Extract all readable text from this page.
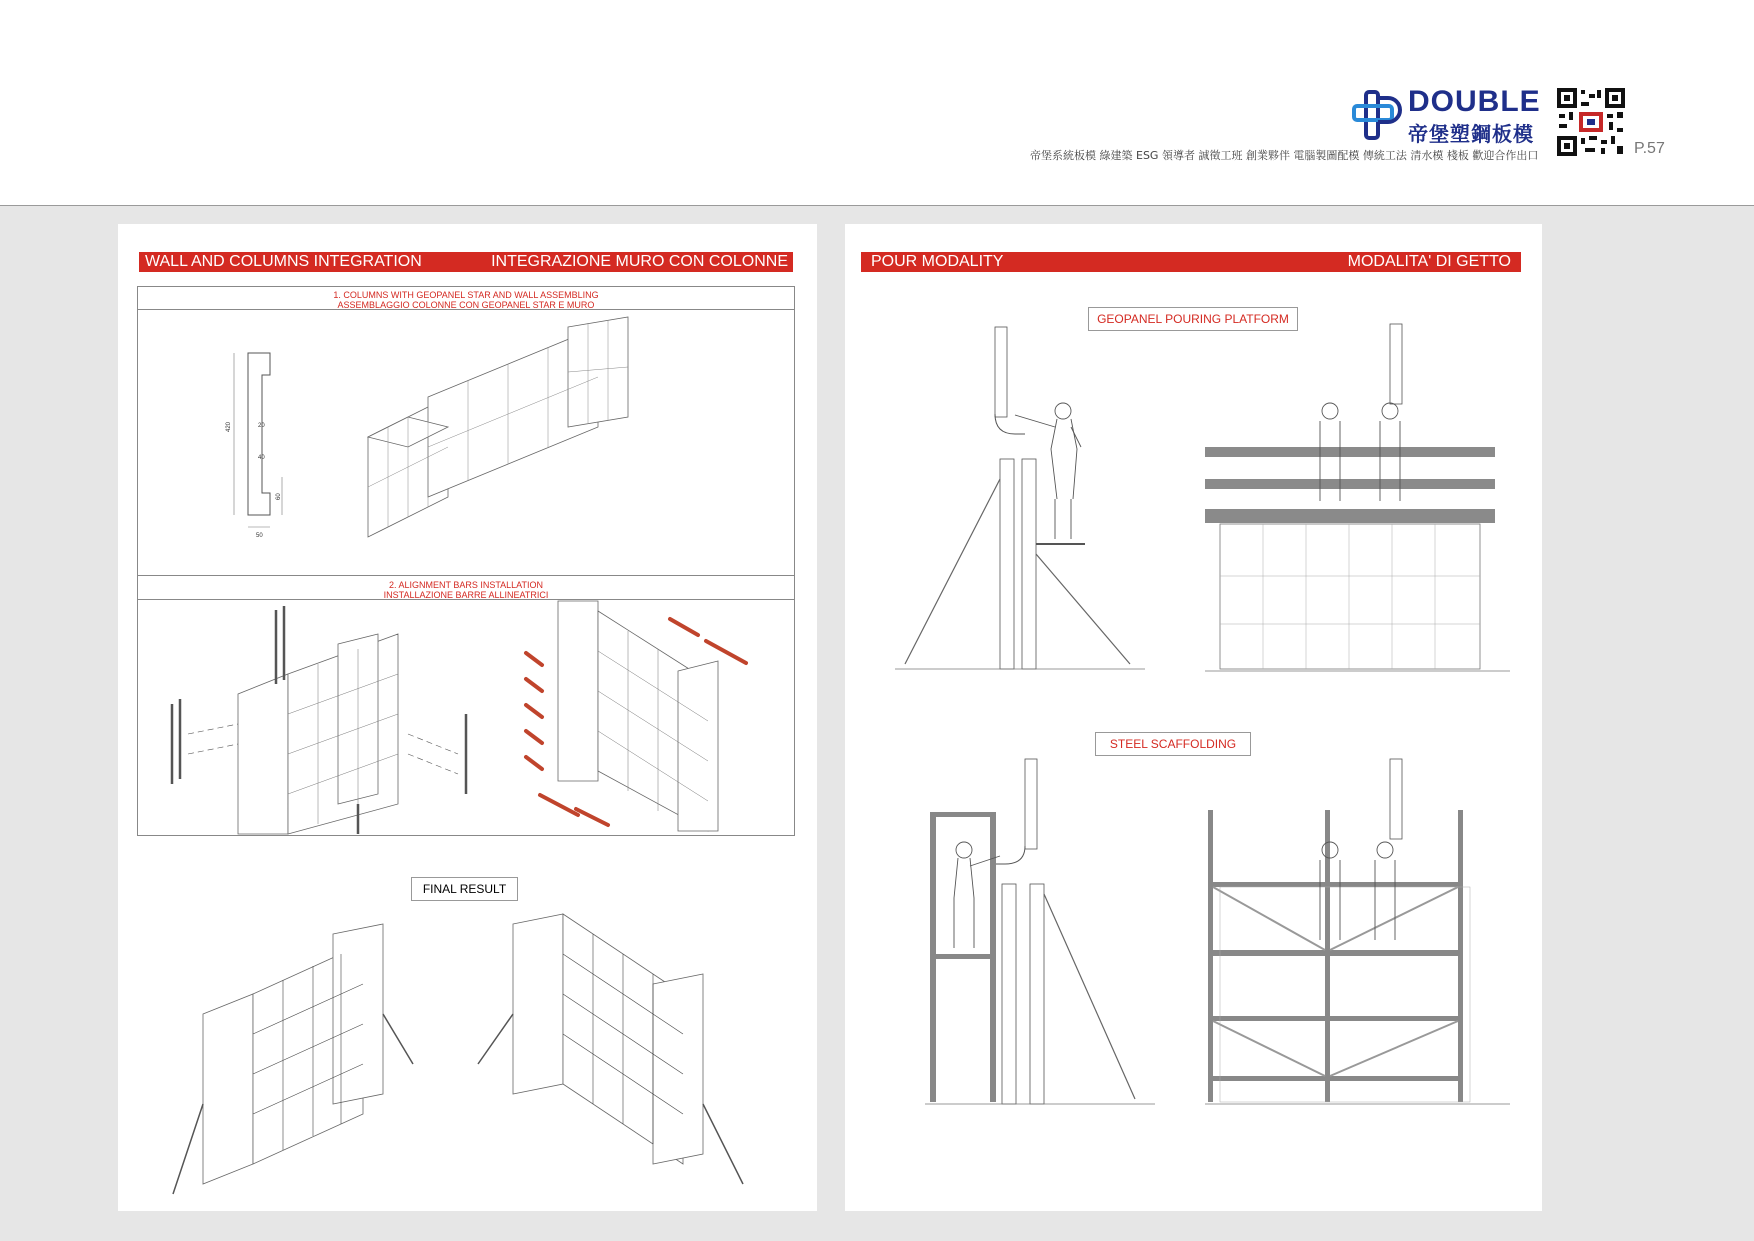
DOUBLE
帝堡塑鋼板模
帝堡系統板模 綠建築 ESG 領導者 誠徵工班 創業夥伴 電腦製圖配模 傳統工法 清水模 棧板 歡迎合作出口	P.57
WALL AND COLUMNS INTEGRATION	INTEGRAZIONE MURO CON COLONNE
1. COLUMNS WITH GEOPANEL STAR AND WALL ASSEMBLING
ASSEMBLAGGIO COLONNE CON GEOPANEL STAR E MURO
420	20
40
60
50
2. ALIGNMENT BARS INSTALLATION
INSTALLAZIONE BARRE ALLINEATRICI
FINAL RESULT
POUR MODALITY	MODALITA' DI GETTO
GEOPANEL POURING PLATFORM
STEEL SCAFFOLDING
